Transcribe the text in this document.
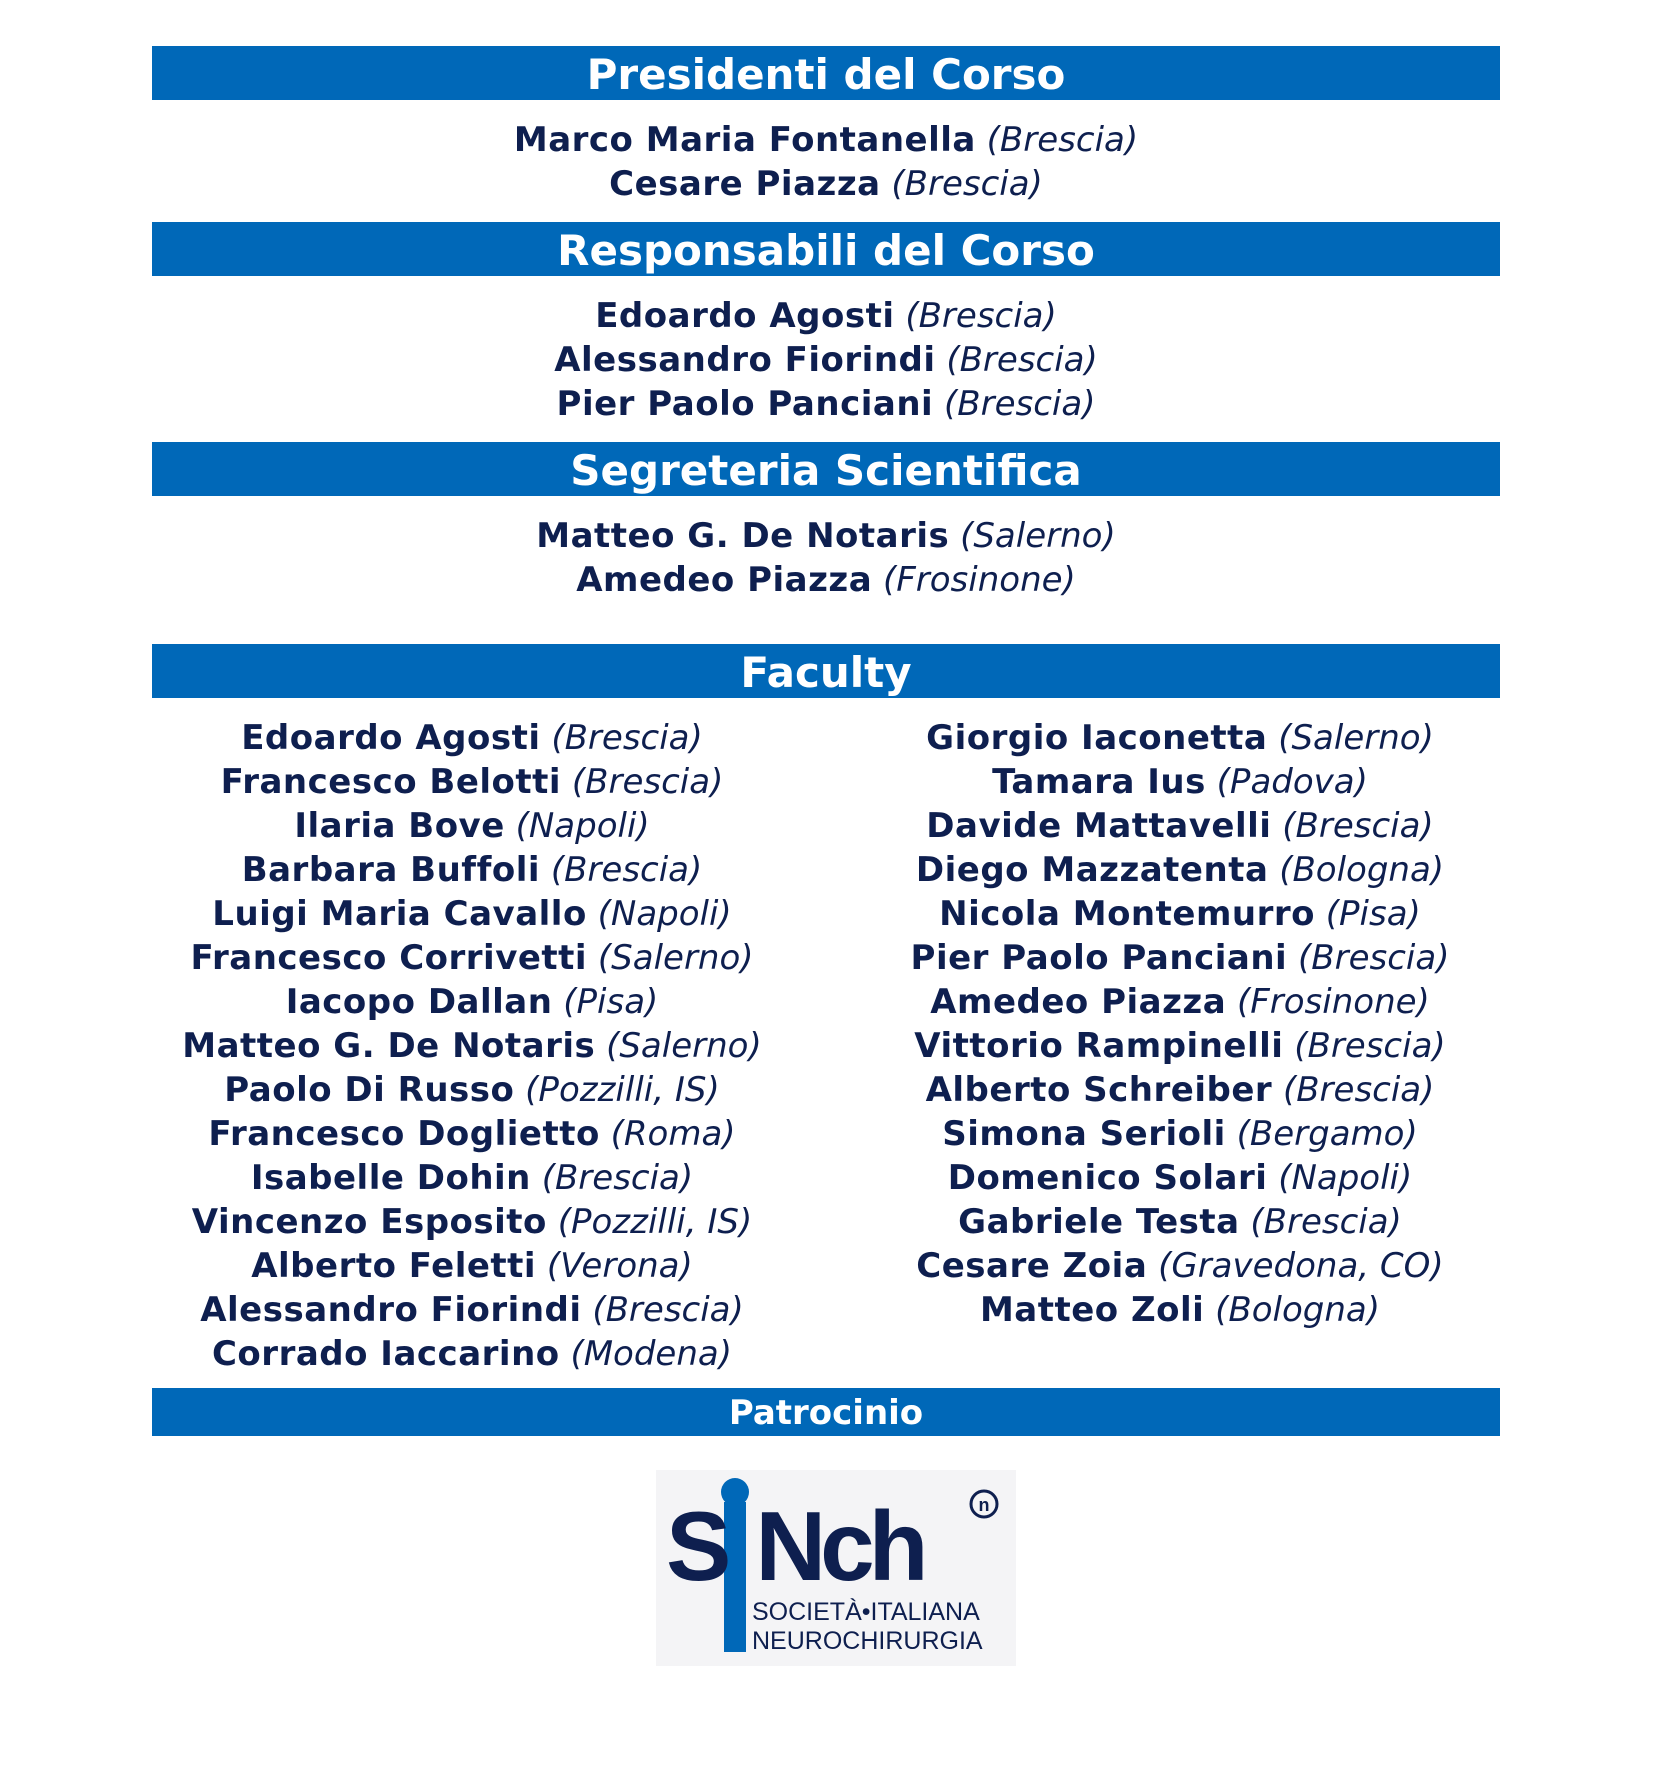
Presidenti del Corso
Marco Maria Fontanella (Brescia)
Cesare Piazza (Brescia)
Responsabili del Corso
Edoardo Agosti (Brescia)
Alessandro Fiorindi (Brescia)
Pier Paolo Panciani (Brescia)
Segreteria Scientifica
Matteo G. De Notaris (Salerno)
Amedeo Piazza (Frosinone)
Faculty
Edoardo Agosti (Brescia)
Francesco Belotti (Brescia)
Ilaria Bove (Napoli)
Barbara Buffoli (Brescia)
Luigi Maria Cavallo (Napoli)
Francesco Corrivetti (Salerno)
Iacopo Dallan (Pisa)
Matteo G. De Notaris (Salerno)
Paolo Di Russo (Pozzilli, IS)
Francesco Doglietto (Roma)
Isabelle Dohin (Brescia)
Vincenzo Esposito (Pozzilli, IS)
Alberto Feletti (Verona)
Alessandro Fiorindi (Brescia)
Corrado Iaccarino (Modena)
Giorgio Iaconetta (Salerno)
Tamara Ius (Padova)
Davide Mattavelli (Brescia)
Diego Mazzatenta (Bologna)
Nicola Montemurro (Pisa)
Pier Paolo Panciani (Brescia)
Amedeo Piazza (Frosinone)
Vittorio Rampinelli (Brescia)
Alberto Schreiber (Brescia)
Simona Serioli (Bergamo)
Domenico Solari (Napoli)
Gabriele Testa (Brescia)
Cesare Zoia (Gravedona, CO)
Matteo Zoli (Bologna)
Patrocinio
S Nch	n
SOCIETÀ•ITALIANA
NEUROCHIRURGIA
